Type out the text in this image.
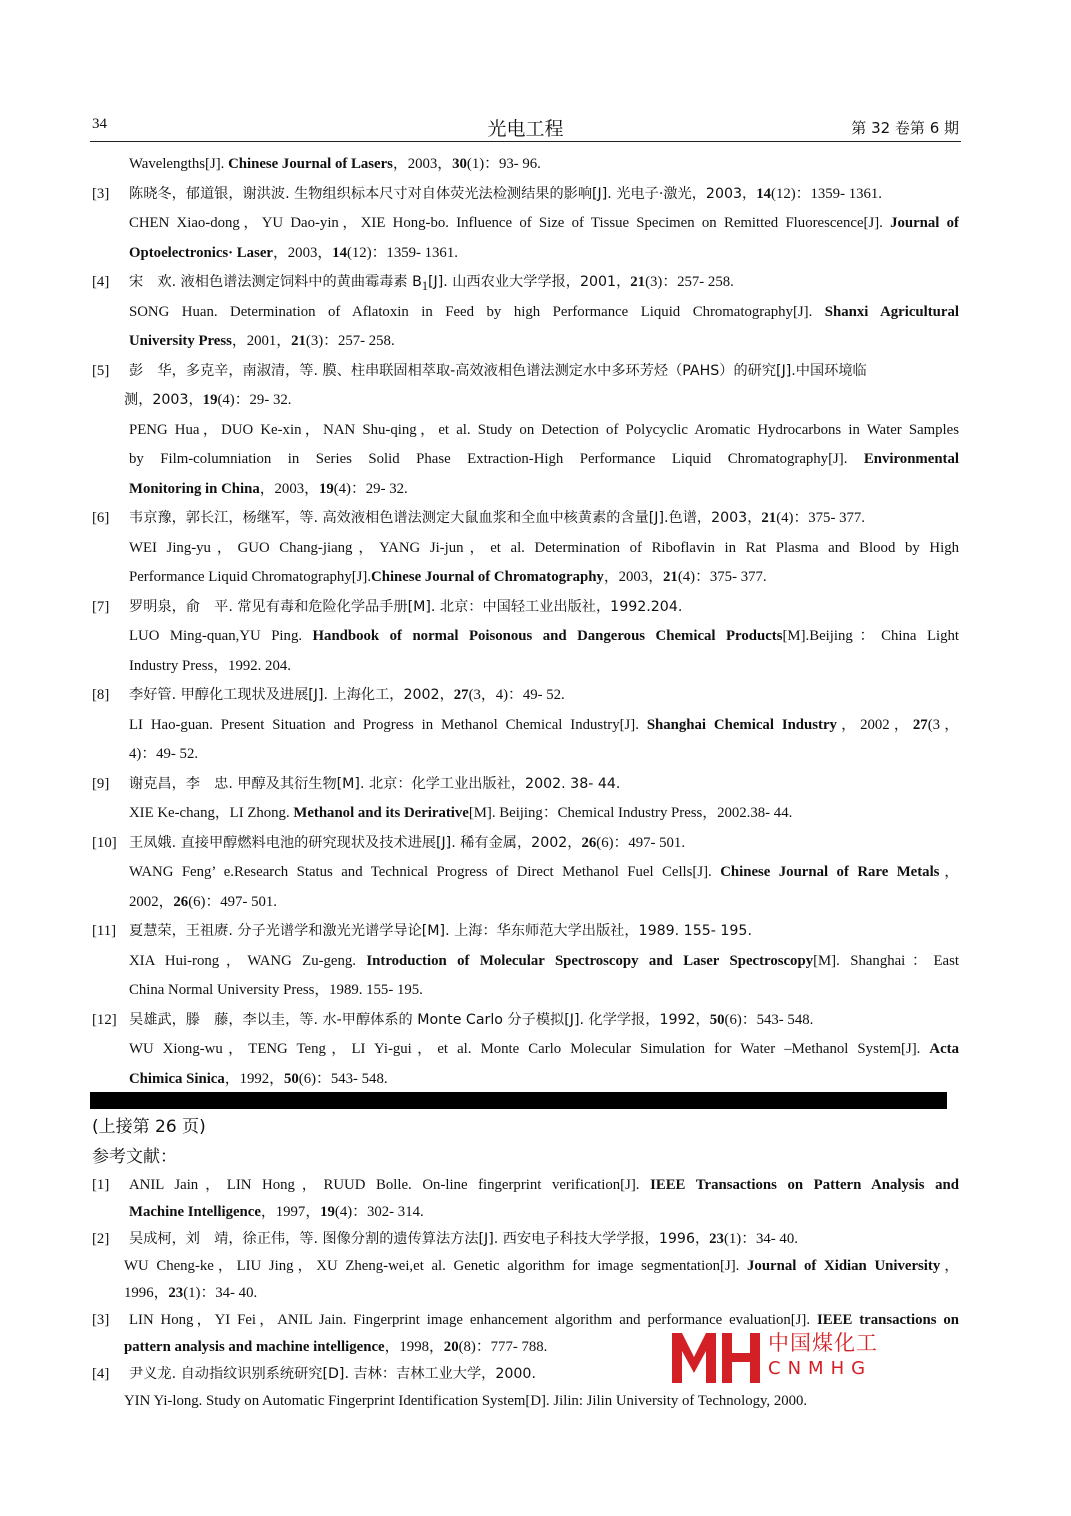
34	光电工程	第 32 卷第 6 期
Wavelengths[J]. Chinese Journal of Lasers，2003，30(1)：93- 96.
[3] 陈晓冬，郁道银，谢洪波. 生物组织标本尺寸对自体荧光法检测结果的影响[J]. 光电子·激光，2003，14(12)：1359- 1361.
CHEN Xiao-dong，YU Dao-yin，XIE Hong-bo. Influence of Size of Tissue Specimen on Remitted Fluorescence[J]. Journal of
Optoelectronics· Laser，2003，14(12)：1359- 1361.
[4] 宋　欢. 液相色谱法测定饲料中的黄曲霉毒素 $B_1[J]$. 山西农业大学学报，2001，21(3)：257- 258.
SONG Huan. Determination of Aflatoxin in Feed by high Performance Liquid Chromatography[J]. Shanxi Agricultural
University Press，2001，21(3)：257- 258.
[5] 彭　华，多克辛，南淑清，等. 膜、柱串联固相萃取-高效液相色谱法测定水中多环芳烃（PAHS）的研究[J].中国环境临
测，2003，19(4)：29- 32.
PENG Hua，DUO Ke-xin，NAN Shu-qing，et al. Study on Detection of Polycyclic Aromatic Hydrocarbons in Water Samples
by Film-columniation in Series Solid Phase Extraction-High Performance Liquid Chromatography[J]. Environmental
Monitoring in China，2003，19(4)：29- 32.
[6] 韦京豫，郭长江，杨继军，等. 高效液相色谱法测定大鼠血浆和全血中核黄素的含量[J].色谱，2003，21(4)：375- 377.
WEI Jing-yu，GUO Chang-jiang，YANG Ji-jun，et al. Determination of Riboflavin in Rat Plasma and Blood by High
Performance Liquid Chromatography[J].Chinese Journal of Chromatography，2003，21(4)：375- 377.
[7] 罗明泉，俞　平. 常见有毒和危险化学品手册[M]. 北京：中国轻工业出版社，1992.204.
LUO Ming-quan,YU Ping. Handbook of normal Poisonous and Dangerous Chemical Products[M].Beijing：China Light
Industry Press，1992. 204.
[8] 李好管. 甲醇化工现状及进展[J]. 上海化工，2002，27(3，4)：49- 52.
LI Hao-guan. Present Situation and Progress in Methanol Chemical Industry[J]. Shanghai Chemical Industry，2002，27(3，
4)：49- 52.
[9] 谢克昌，李　忠. 甲醇及其衍生物[M]. 北京：化学工业出版社，2002. 38- 44.
XIE Ke-chang，LI Zhong. Methanol and its Derirative[M]. Beijing：Chemical Industry Press，2002.38- 44.
[10] 王凤娥. 直接甲醇燃料电池的研究现状及技术进展[J]. 稀有金属，2002，26(6)：497- 501.
WANG Feng’ e.Research Status and Technical Progress of Direct Methanol Fuel Cells[J]. Chinese Journal of Rare Metals，
2002，26(6)：497- 501.
[11] 夏慧荣，王祖赓. 分子光谱学和激光光谱学导论[M]. 上海：华东师范大学出版社，1989. 155- 195.
XIA Hui-rong，WANG Zu-geng. Introduction of Molecular Spectroscopy and Laser Spectroscopy[M]. Shanghai：East
China Normal University Press，1989. 155- 195.
[12] 吴雄武，滕　藤，李以圭，等. 水-甲醇体系的 Monte Carlo 分子模拟[J]. 化学学报，1992，50(6)：543- 548.
WU Xiong-wu，TENG Teng，LI Yi-gui，et al. Monte Carlo Molecular Simulation for Water –Methanol System[J]. Acta
Chimica Sinica，1992，50(6)：543- 548.
(上接第 26 页)
参考文献：
[1] ANIL Jain，LIN Hong，RUUD Bolle. On-line fingerprint verification[J]. IEEE Transactions on Pattern Analysis and
Machine Intelligence，1997，19(4)：302- 314.
[2] 吴成柯，刘　靖，徐正伟，等. 图像分割的遗传算法方法[J]. 西安电子科技大学学报，1996，23(1)：34- 40.
WU Cheng-ke，LIU Jing，XU Zheng-wei,et al. Genetic algorithm for image segmentation[J]. Journal of Xidian University，
1996，23(1)：34- 40.
[3] LIN Hong，YI Fei，ANIL Jain. Fingerprint image enhancement algorithm and performance evaluation[J]. IEEE transactions on
pattern analysis and machine intelligence，1998，20(8)：777- 788.
[4] 尹义龙. 自动指纹识别系统研究[D]. 吉林：吉林工业大学，2000.
YIN Yi-long. Study on Automatic Fingerprint Identification System[D]. Jilin: Jilin University of Technology, 2000.
中国煤化工
CNMHG
